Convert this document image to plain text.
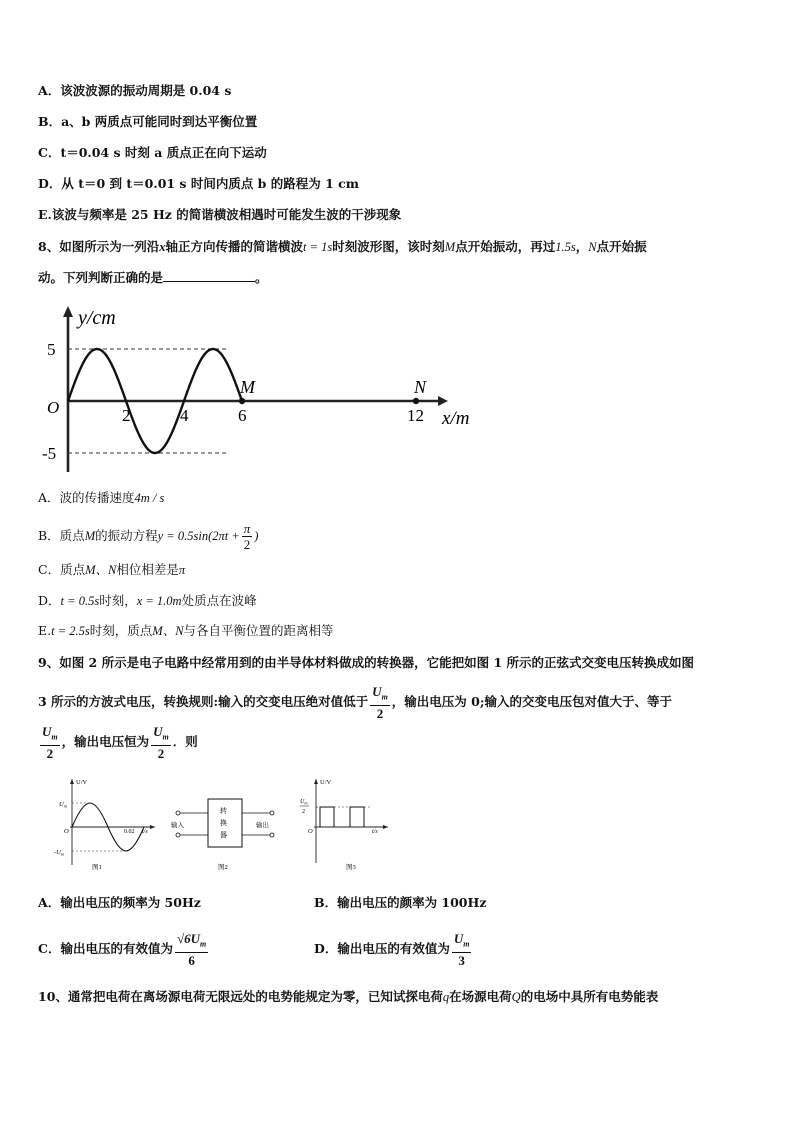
A．该波波源的振动周期是 0.04 s
B．a、b 两质点可能同时到达平衡位置
C．t＝0.04 s 时刻 a 质点正在向下运动
D．从 t＝0 到 t＝0.01 s 时间内质点 b 的路程为 1 cm
E.该波与频率是 25 Hz 的简谐横波相遇时可能发生波的干涉现象
8、如图所示为一列沿x轴正方向传播的简谐横波t = 1s时刻波形图，该时刻M点开始振动，再过1.5s，N点开始振
动。下列判断正确的是	。
y/cm
x/m
5
-5
O	2	4	6	12
M	N
A．波的传播速度4m / s
B．质点M的振动方程$y = 0.5\sin(2\pi t + \frac{\pi}{2}$ )
C．质点M、N相位相差是π
D．t = 0.5s时刻，x = 1.0m处质点在波峰
E.t = 2.5s时刻，质点M、N与各自平衡位置的距离相等
9、如图 2 所示是电子电路中经常用到的由半导体材料做成的转换器，它能把如图 1 所示的正弦式交变电压转换成如图
3 所示的方波式电压，转换规则:输入的交变电压绝对值低于 $\frac{U_m}{2}$ ，输出电压为 0;输入的交变电压包对值大于、等于
$\frac{U_m}{2}$ ，输出电压恒为 $\frac{U_m}{2}$ ．则
U/V
$U_m$
$-U_m$
O	0.02 t/s
图1
转
换
器
输入	输出
图2
U/V
$U_m$
2
O	t/s
图3
A．输出电压的频率为 50Hz	B．输出电压的颜率为 100Hz
C．输出电压的有效值为 $\frac{√6U_m}{6}$	D．输出电压的有效值为 $\frac{U_m}{3}$
10、通常把电荷在离场源电荷无限远处的电势能规定为零，已知试探电荷q在场源电荷Q的电场中具所有电势能表
